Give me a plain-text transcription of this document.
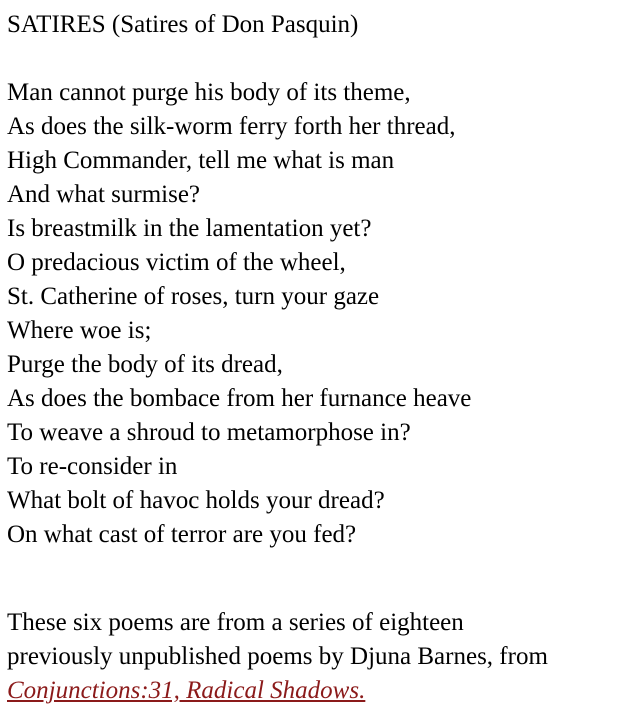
SATIRES (Satires of Don Pasquin)
Man cannot purge his body of its theme,
As does the silk-worm ferry forth her thread,
High Commander, tell me what is man
And what surmise?
Is breastmilk in the lamentation yet?
O predacious victim of the wheel,
St. Catherine of roses, turn your gaze
Where woe is;
Purge the body of its dread,
As does the bombace from her furnance heave
To weave a shroud to metamorphose in?
To re-consider in
What bolt of havoc holds your dread?
On what cast of terror are you fed?
These six poems are from a series of eighteen
previously unpublished poems by Djuna Barnes, from
Conjunctions:31, Radical Shadows.
